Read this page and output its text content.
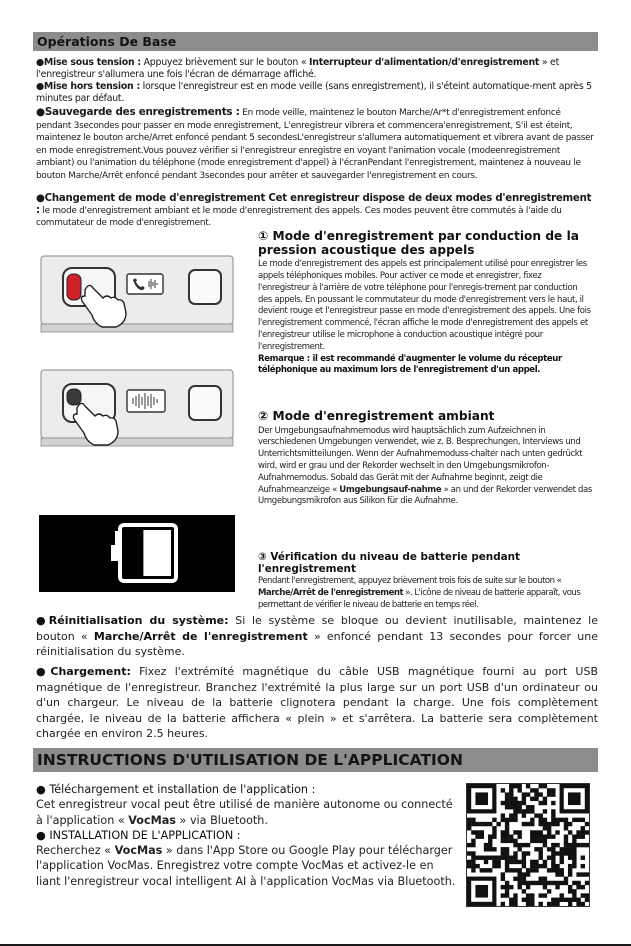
Opérations De Base
●Mise sous tension : Appuyez brièvement sur le bouton « Interrupteur d'alimentation/d'enregistrement » et l'enregistreur s'allumera une fois l'écran de démarrage affiché.
●Mise hors tension : lorsque l'enregistreur est en mode veille (sans enregistrement), il s'éteint automatique-ment après 5 minutes par défaut.
●Sauvegarde des enregistrements : En mode veille, maintenez le bouton Marche/Ar*t d'enregistrement enfoncé pendant 3secondes pour passer en mode enregistrement, L'enregistreur vibrera et commencera'enregistrement, S'il est éteint, maintenez le bouton arche/Arret enfoncé pendant 5 secondesL'enregistreur s'allumera automatiquement et vibrera avant de passer en mode enregistrement.Vous pouvez vérifier si l'enregistreur enregistre en voyant l'animation vocale (modeenregistrement ambiant) ou l'animation du téléphone (mode enregistrement d'appel) à l'écranPendant l'enregistrement, maintenez à nouveau le bouton Marche/Arrêt enfoncé pendant 3secondes pour arrêter et sauvegarder l'enregistrement en cours.
●Changement de mode d'enregistrement Cet enregistreur dispose de deux modes d'enregistrement : le mode d'enregistrement ambiant et le mode d'enregistrement des appels. Ces modes peuvent être commutés à l'aide du commutateur de mode d'enregistrement.
① Mode d'enregistrement par conduction de la pression acoustique des appels
Le mode d'enregistrement des appels est principalement utilisé pour enregistrer les appels téléphoniques mobiles. Pour activer ce mode et enregistrer, fixez l'enregistreur à l'arrière de votre téléphone pour l'enregis-trement par conduction des appels. En poussant le commutateur du mode d'enregistrement vers le haut, il devient rouge et l'enregistreur passe en mode d'enregistrement des appels. Une fois l'enregistrement commencé, l'écran affiche le mode d'enregistrement des appels et l'enregistreur utilise le microphone à conduction acoustique intégré pour l'enregistrement.
Remarque : il est recommandé d'augmenter le volume du récepteur téléphonique au maximum lors de l'enregistrement d'un appel.
② Mode d'enregistrement ambiant
Der Umgebungsaufnahmemodus wird hauptsächlich zum Aufzeichnen in verschiedenen Umgebungen verwendet, wie z. B. Besprechungen, Interviews und Unterrichtsmitteilungen. Wenn der Aufnahmemoduss-chalter nach unten gedrückt wird, wird er grau und der Rekorder wechselt in den Umgebungsmikrofon-Aufnahmemodus. Sobald das Gerät mit der Aufnahme beginnt, zeigt die Aufnahmeanzeige « Umgebungsauf-nahme » an und der Rekorder verwendet das Umgebungsmikrofon aus Silikon für die Aufnahme.
③ Vérification du niveau de batterie pendant l'enregistrement
Pendant l'enregistrement, appuyez brièvement trois fois de suite sur le bouton « Marche/Arrêt de l'enregistrement ». L'icône de niveau de batterie apparaît, vous permettant de vérifier le niveau de batterie en temps réel.
●Réinitialisation du système: Si le système se bloque ou devient inutilisable, maintenez le bouton « Marche/Arrêt de l'enregistrement » enfoncé pendant 13 secondes pour forcer une réinitialisation du système.
●Chargement: Fixez l'extrémité magnétique du câble USB magnétique fourni au port USB magnétique de l'enregistreur. Branchez l'extrémité la plus large sur un port USB d'un ordinateur ou d'un chargeur. Le niveau de la batterie clignotera pendant la charge. Une fois complètement chargée, le niveau de la batterie affichera « plein » et s'arrêtera. La batterie sera complètement chargée en environ 2.5 heures.
INSTRUCTIONS D'UTILISATION DE L'APPLICATION
● Téléchargement et installation de l'application :
Cet enregistreur vocal peut être utilisé de manière autonome ou connecté à l'application « VocMas » via Bluetooth.
● INSTALLATION DE L'APPLICATION :
Recherchez « VocMas » dans l'App Store ou Google Play pour télécharger l'application VocMas. Enregistrez votre compte VocMas et activez-le en liant l'enregistreur vocal intelligent AI à l'application VocMas via Bluetooth.
